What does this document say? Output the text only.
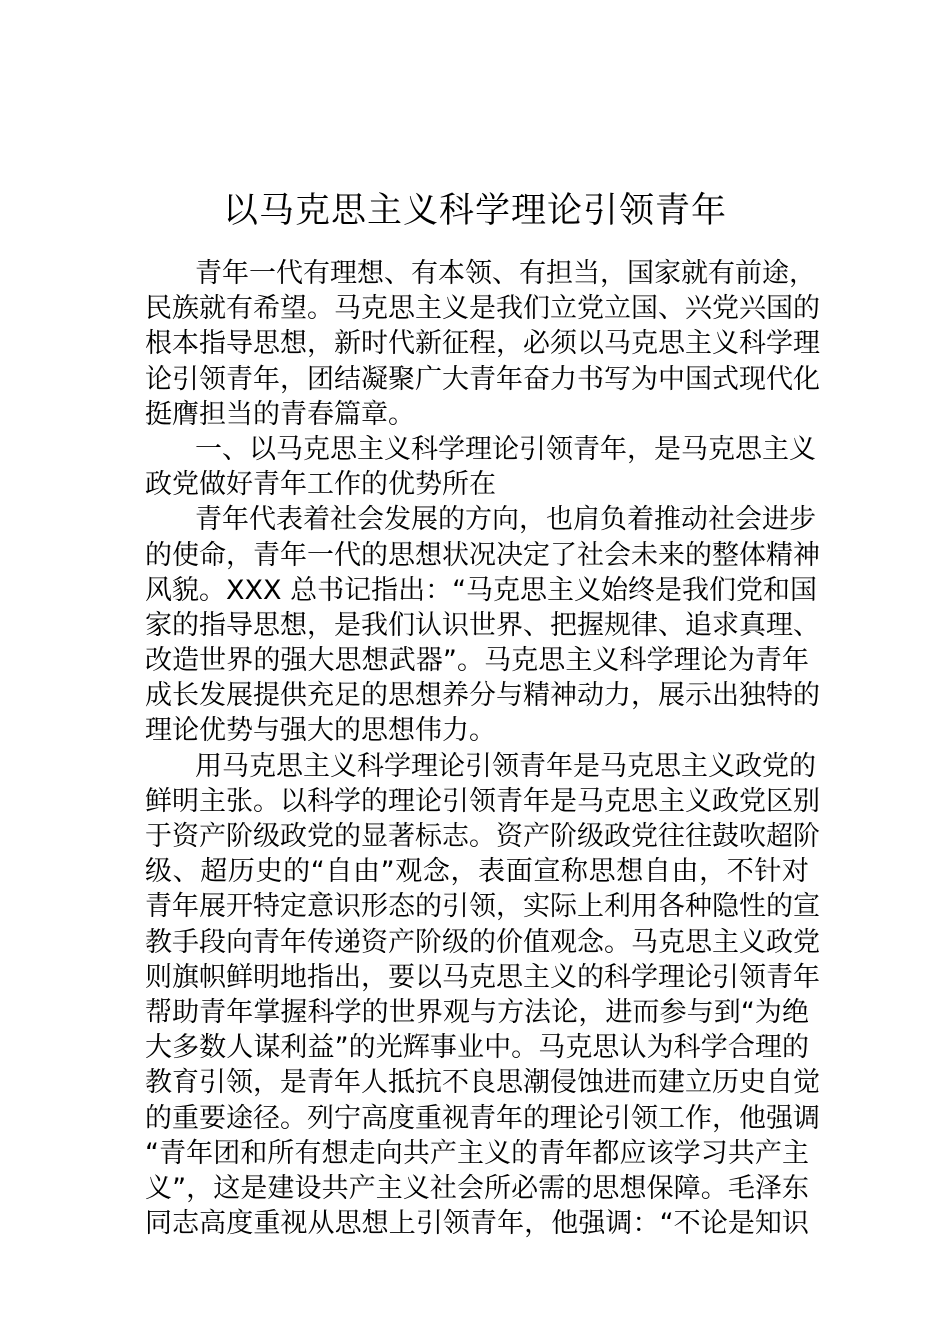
以马克思主义科学理论引领青年
青年一代有理想、有本领、有担当，国家就有前途，
民族就有希望。马克思主义是我们立党立国、兴党兴国的
根本指导思想，新时代新征程，必须以马克思主义科学理
论引领青年，团结凝聚广大青年奋力书写为中国式现代化
挺膺担当的青春篇章。
一、以马克思主义科学理论引领青年，是马克思主义
政党做好青年工作的优势所在
青年代表着社会发展的方向，也肩负着推动社会进步
的使命，青年一代的思想状况决定了社会未来的整体精神
风貌。XXX 总书记指出：“马克思主义始终是我们党和国
家的指导思想，是我们认识世界、把握规律、追求真理、
改造世界的强大思想武器”。马克思主义科学理论为青年
成长发展提供充足的思想养分与精神动力，展示出独特的
理论优势与强大的思想伟力。
用马克思主义科学理论引领青年是马克思主义政党的
鲜明主张。以科学的理论引领青年是马克思主义政党区别
于资产阶级政党的显著标志。资产阶级政党往往鼓吹超阶
级、超历史的“自由”观念，表面宣称思想自由，不针对
青年展开特定意识形态的引领，实际上利用各种隐性的宣
教手段向青年传递资产阶级的价值观念。马克思主义政党
则旗帜鲜明地指出，要以马克思主义的科学理论引领青年
帮助青年掌握科学的世界观与方法论，进而参与到“为绝
大多数人谋利益”的光辉事业中。马克思认为科学合理的
教育引领，是青年人抵抗不良思潮侵蚀进而建立历史自觉
的重要途径。列宁高度重视青年的理论引领工作，他强调
“青年团和所有想走向共产主义的青年都应该学习共产主
义”，这是建设共产主义社会所必需的思想保障。毛泽东
同志高度重视从思想上引领青年，他强调：“不论是知识
